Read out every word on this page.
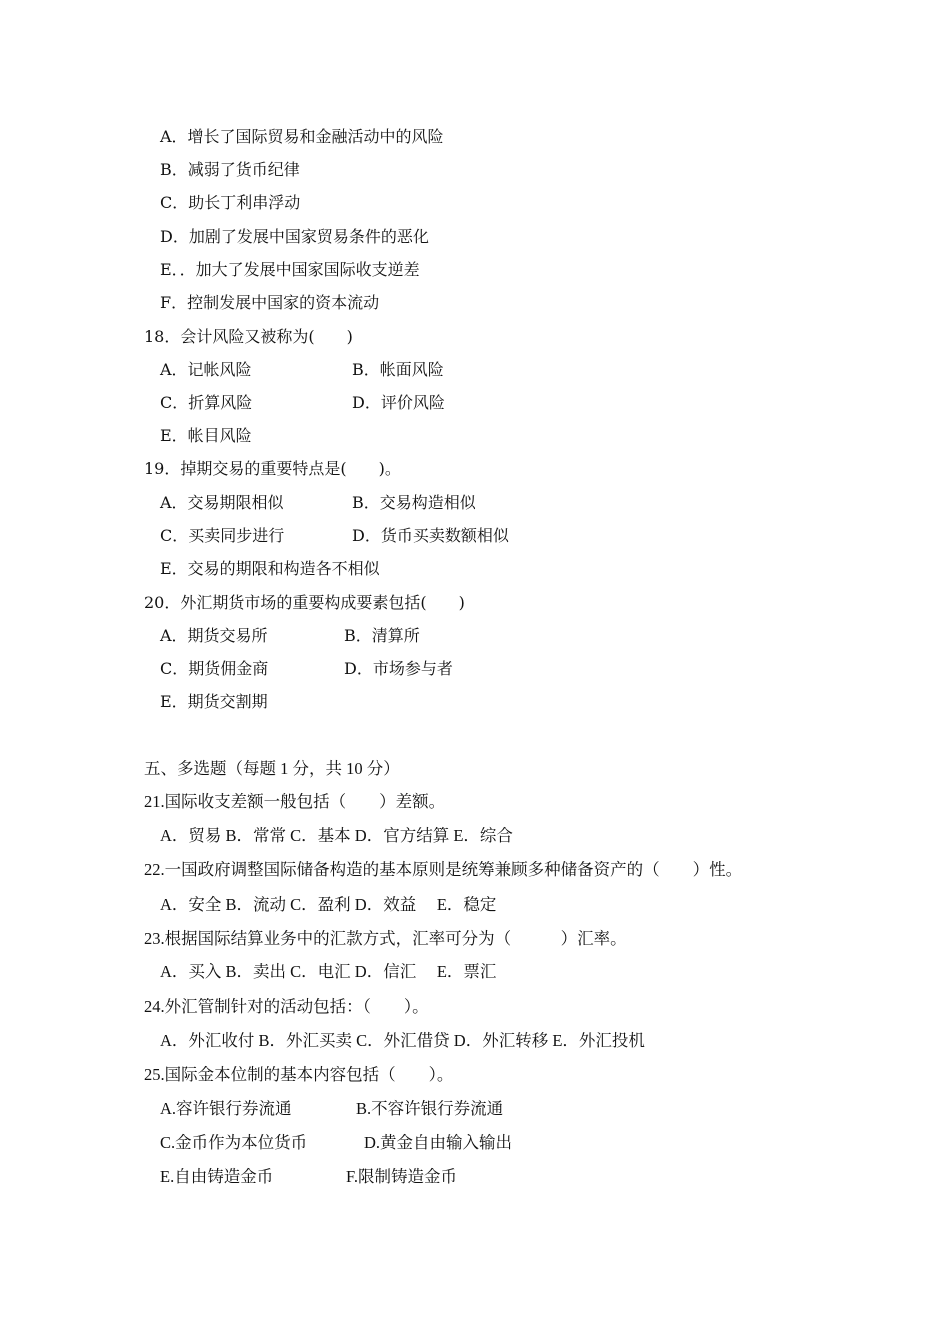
A．增长了国际贸易和金融活动中的风险
B．减弱了货币纪律
C．助长丁利串浮动
D．加剧了发展中国家贸易条件的恶化
E．．加大了发展中国家国际收支逆差
F．控制发展中国家的资本流动
18．会计风险又被称为(　　)
A．记帐风险	B．帐面风险
C．折算风险	D．评价风险
E．帐目风险
19．掉期交易的重要特点是(　　)。
A．交易期限相似	B．交易构造相似
C．买卖同步进行	D．货币买卖数额相似
E．交易的期限和构造各不相似
20．外汇期货市场的重要构成要素包括(　　)
A．期货交易所	B．清算所
C．期货佣金商	D．市场参与者
E．期货交割期
五、多选题（每题 1 分，共 10 分）
21.国际收支差额一般包括（　　）差额。
A．贸易 B．常常 C．基本 D．官方结算 E．综合
22.一国政府调整国际储备构造的基本原则是统筹兼顾多种储备资产的（　　）性。
A．安全 B．流动 C．盈利 D．效益　 E．稳定
23.根据国际结算业务中的汇款方式，汇率可分为（　　　）汇率。
A．买入 B．卖出 C．电汇 D．信汇　 E．票汇
24.外汇管制针对的活动包括：（　　）。
A．外汇收付 B．外汇买卖 C．外汇借贷 D．外汇转移 E．外汇投机
25.国际金本位制的基本内容包括（　　）。
A.容许银行券流通	B.不容许银行券流通
C.金币作为本位货币	D.黄金自由输入输出
E.自由铸造金币	F.限制铸造金币
